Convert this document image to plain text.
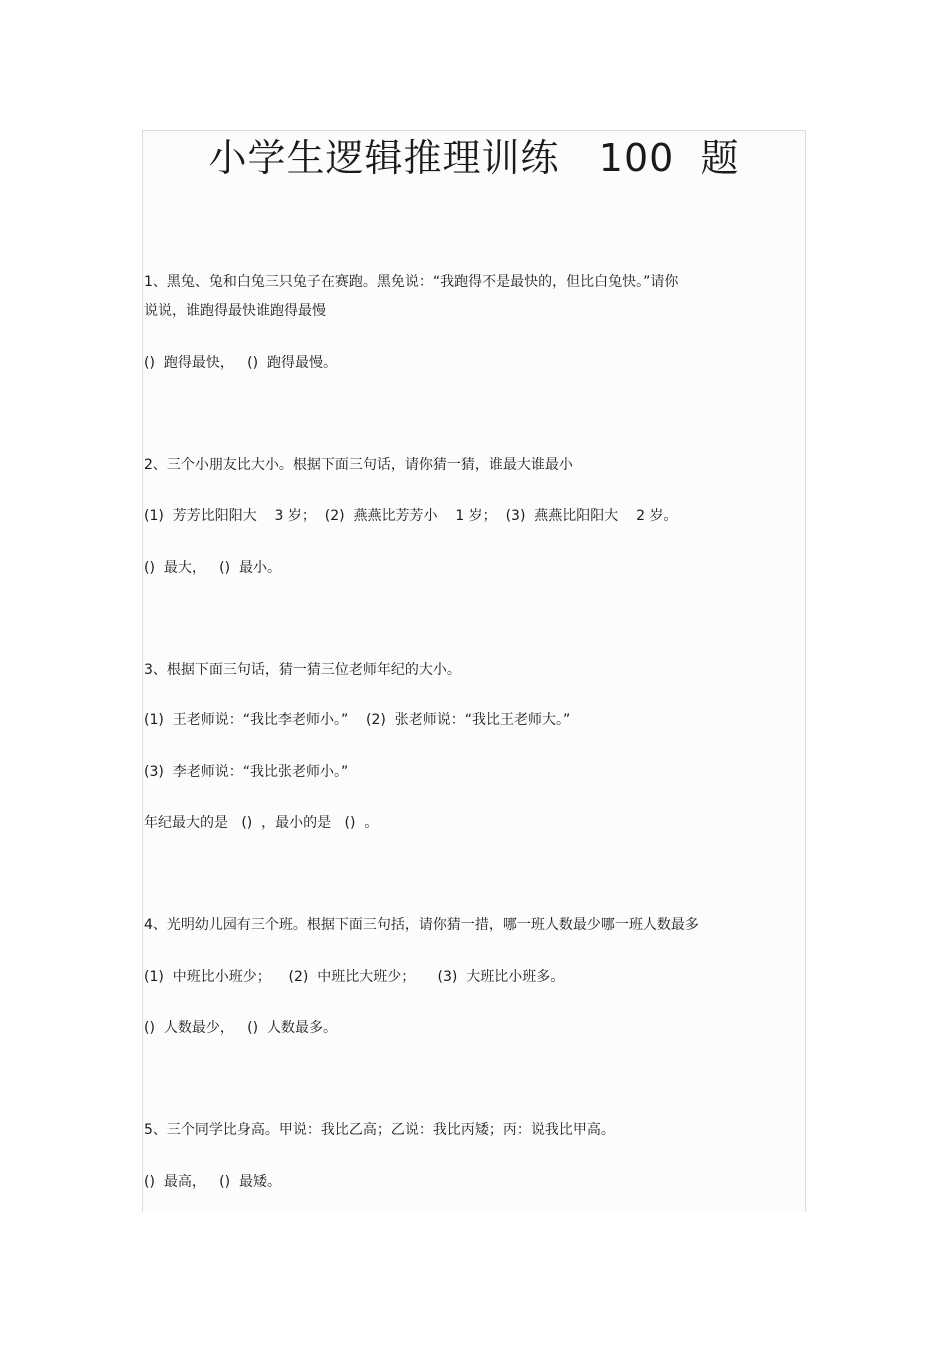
小学生逻辑推理训练   100  题

1、黑兔、兔和白兔三只兔子在赛跑。黑免说：“我跑得不是最快的，但比白兔快。”请你

说说，谁跑得最快谁跑得最慢

()  跑得最快，   ()  跑得最慢。

2、三个小朋友比大小。根据下面三句话，请你猜一猜，谁最大谁最小

(1)  芳芳比阳阳大    3 岁；  (2)  燕燕比芳芳小    1 岁；  (3)  燕燕比阳阳大    2 岁。

()  最大，   ()  最小。

3、根据下面三句话，猜一猜三位老师年纪的大小。

(1)  王老师说：“我比李老师小。”    (2)  张老师说：“我比王老师大。”

(3)  李老师说：“我比张老师小。”

年纪最大的是   ()  ，最小的是   ()  。

4、光明幼儿园有三个班。根据下面三句括，请你猜一措，哪一班人数最少哪一班人数最多

(1)  中班比小班少；    (2)  中班比大班少；     (3)  大班比小班多。

()  人数最少，   ()  人数最多。

5、三个同学比身高。甲说：我比乙高；乙说：我比丙矮；丙：说我比甲高。

()  最高，   ()  最矮。
